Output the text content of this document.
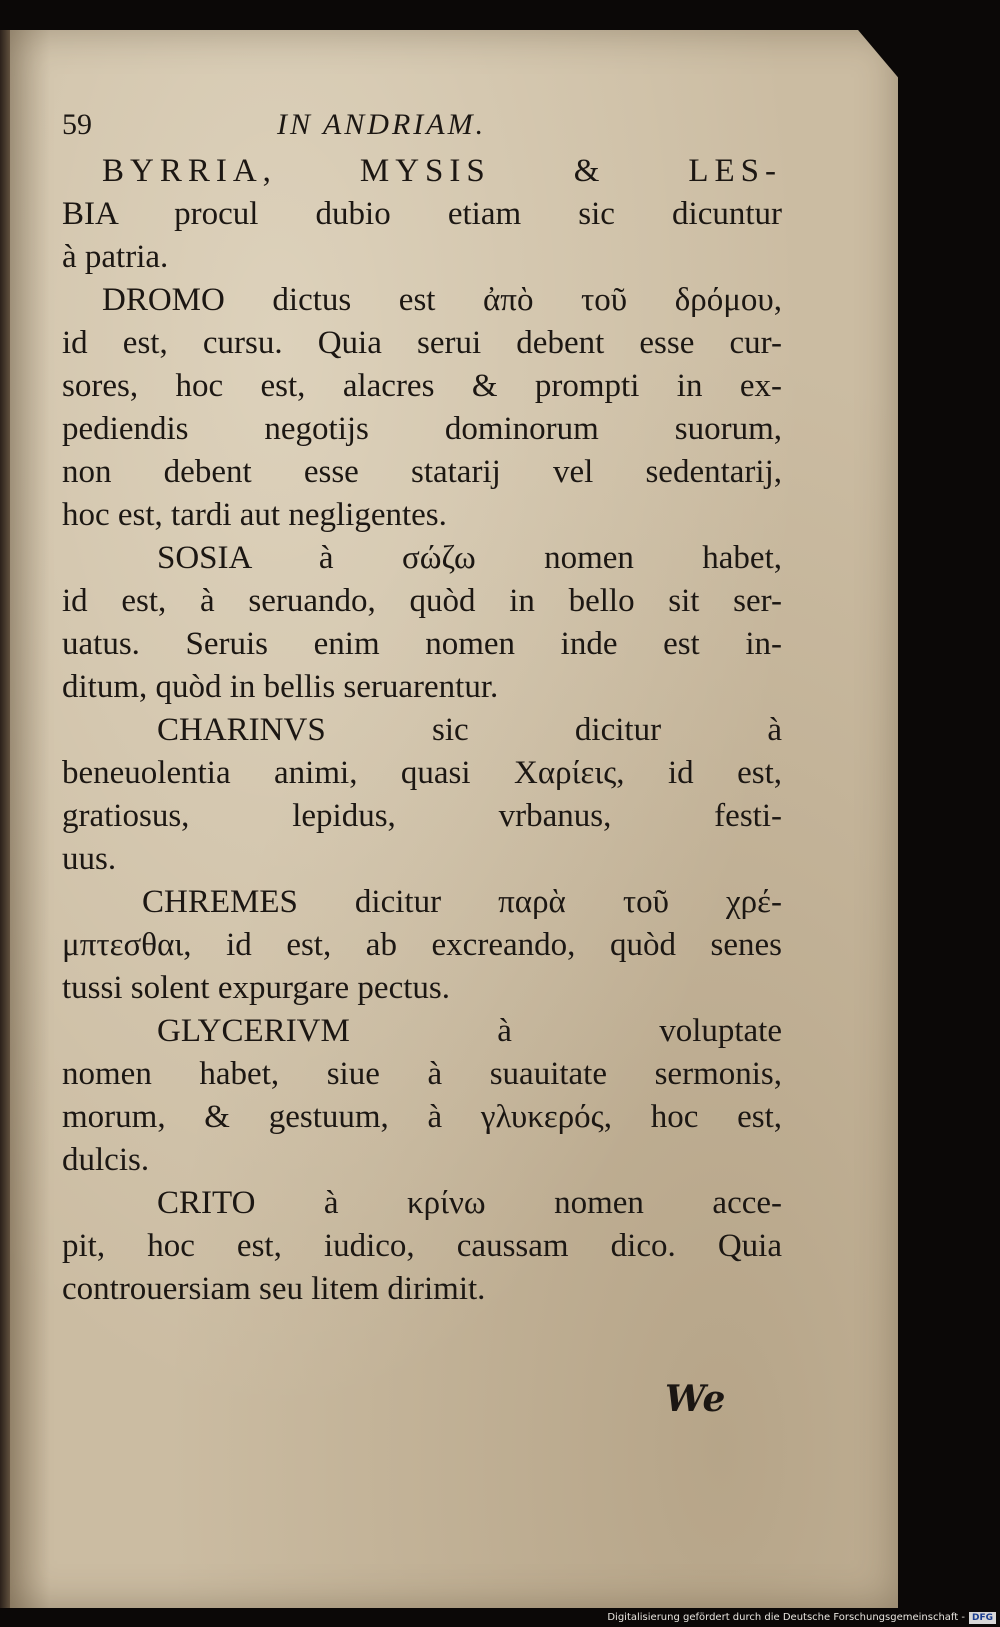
59	IN ANDRIAM.
BYRRIA, MYSIS & LES-
BIA procul dubio etiam sic dicuntur
à patria.
DROMO dictus est ἀπὸ τοῦ δρόμου,
id est, cursu. Quia serui debent esse cur-
sores, hoc est, alacres & prompti in ex-
pediendis negotijs dominorum suorum,
non debent esse statarij vel sedentarij,
hoc est, tardi aut negligentes.
SOSIA à σώζω nomen habet,
id est, à seruando, quòd in bello sit ser-
uatus. Seruis enim nomen inde est in-
ditum, quòd in bellis seruarentur.
CHARINVS sic dicitur à
beneuolentia animi, quasi Χαρίεις, id est,
gratiosus, lepidus, vrbanus, festi-
uus.
CHREMES dicitur παρὰ τοῦ χρέ-
μπτεσθαι, id est, ab excreando, quòd senes
tussi solent expurgare pectus.
GLYCERIVM à voluptate
nomen habet, siue à suauitate sermonis,
morum, & gestuum, à γλυκερός, hoc est,
dulcis.
CRITO à κρίνω nomen acce-
pit, hoc est, iudico, caussam dico. Quia
controuersiam seu litem dirimit.
We
Digitalisierung gefördert durch die Deutsche Forschungsgemeinschaft - DFG
